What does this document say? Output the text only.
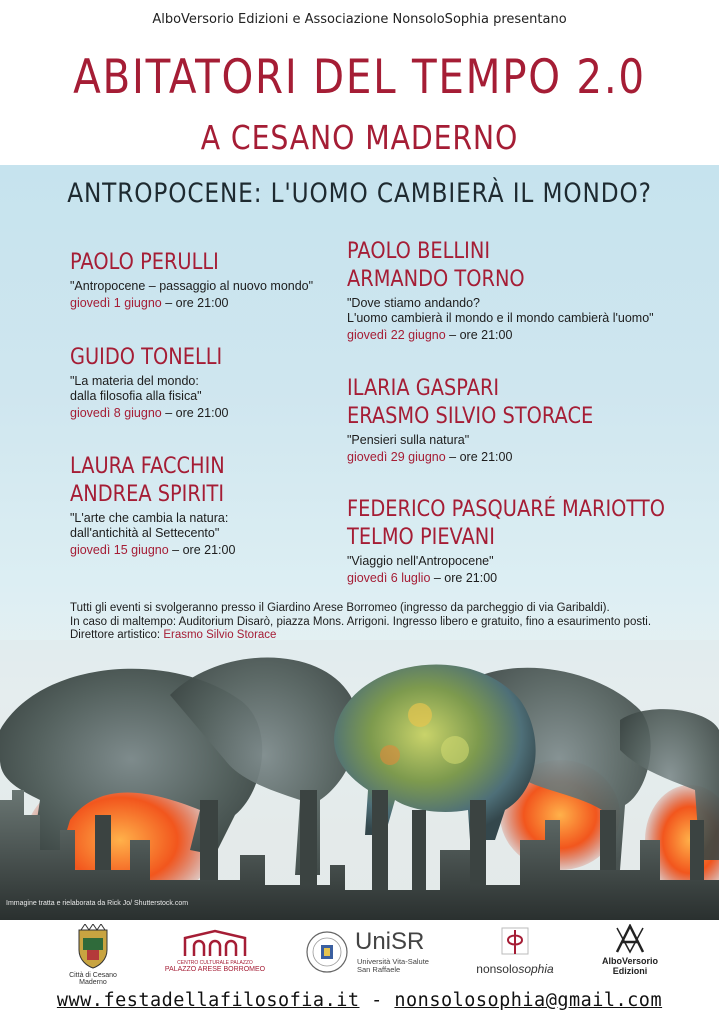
AlboVersorio Edizioni e Associazione NonsoloSophia presentano
ABITATORI DEL TEMPO 2.0
A CESANO MADERNO
ANTROPOCENE: L'UOMO CAMBIERÀ IL MONDO?
PAOLO PERULLI
"Antropocene – passaggio al nuovo mondo"
giovedì 1 giugno – ore 21:00
GUIDO TONELLI
"La materia del mondo:
dalla filosofia alla fisica"
giovedì 8 giugno – ore 21:00
LAURA FACCHIN
ANDREA SPIRITI
"L'arte che cambia la natura:
dall'antichità al Settecento"
giovedì 15 giugno – ore 21:00
PAOLO BELLINI
ARMANDO TORNO
"Dove stiamo andando?
L'uomo cambierà il mondo e il mondo cambierà l'uomo"
giovedì 22 giugno – ore 21:00
ILARIA GASPARI
ERASMO SILVIO STORACE
"Pensieri sulla natura"
giovedì 29 giugno – ore 21:00
FEDERICO PASQUARÉ MARIOTTO
TELMO PIEVANI
"Viaggio nell'Antropocene"
giovedì 6 luglio – ore 21:00
Tutti gli eventi si svolgeranno presso il Giardino Arese Borromeo (ingresso da parcheggio di via Garibaldi).
In caso di maltempo: Auditorium Disarò, piazza Mons. Arrigoni. Ingresso libero e gratuito, fino a esaurimento posti.
Direttore artistico: Erasmo Silvio Storace
Immagine tratta e rielaborata da Rick Jo/ Shutterstock.com
Città di Cesano Maderno
CENTRO CULTURALE PALAZZO
PALAZZO ARESE BORROMEO
UniSR
Università Vita-Salute
San Raffaele	nonsolosophia
AlboVersorio
Edizioni
www.festadellafilosofia.it - nonsolosophia@gmail.com
